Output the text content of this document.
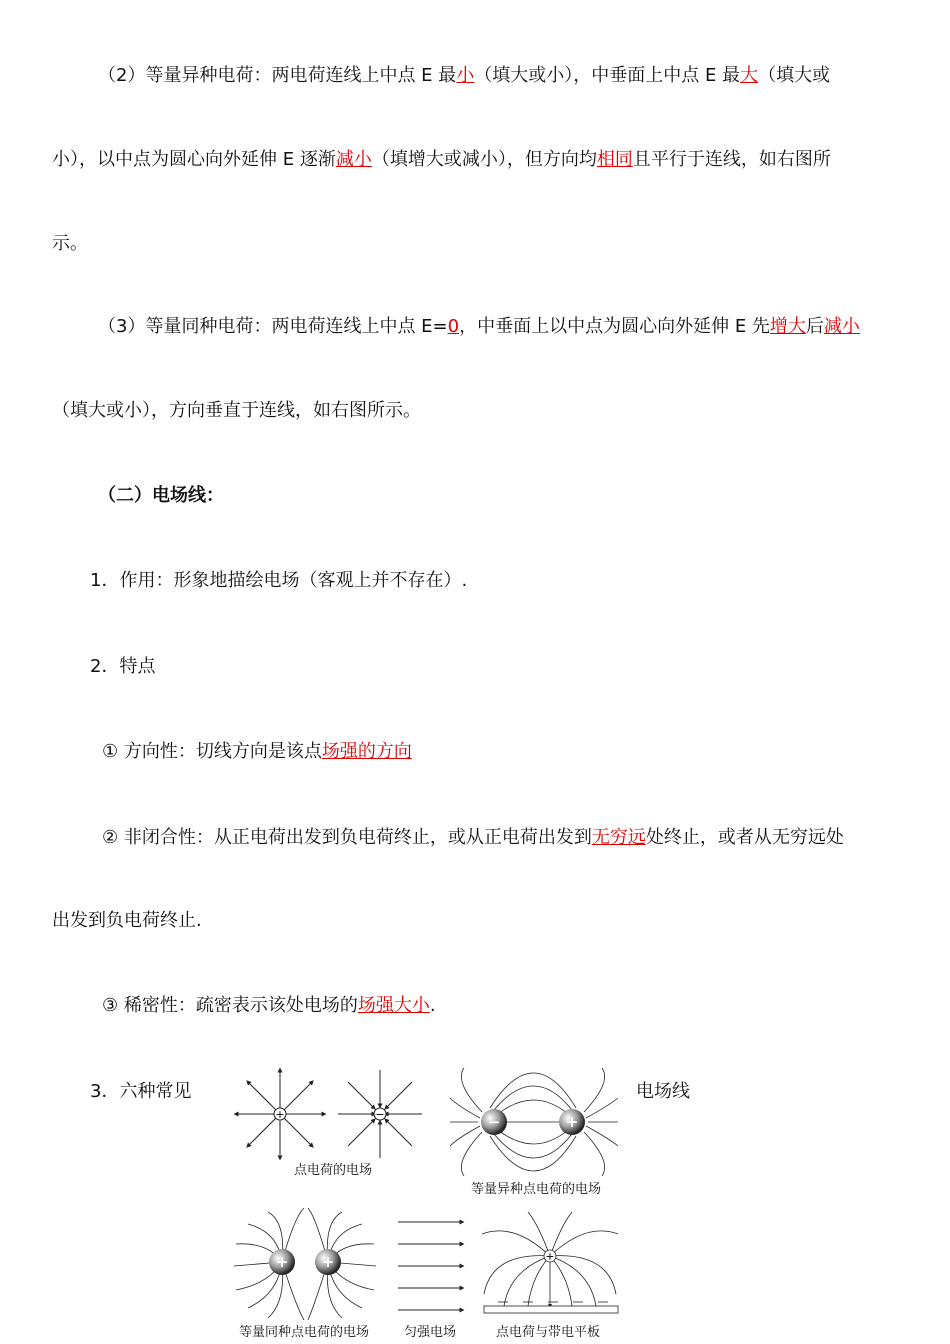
（2）等量异种电荷：两电荷连线上中点 E 最小（填大或小），中垂面上中点 E 最大（填大或
小），以中点为圆心向外延伸 E 逐渐减小（填增大或减小），但方向均相同且平行于连线，如右图所
示。
（3）等量同种电荷：两电荷连线上中点 E=0，中垂面上以中点为圆心向外延伸 E 先增大后减小
（填大或小），方向垂直于连线，如右图所示。
（二）电场线：
1．作用：形象地描绘电场（客观上并不存在）.
2．特点
① 方向性：切线方向是该点场强的方向
② 非闭合性：从正电荷出发到负电荷终止，或从正电荷出发到无穷远处终止，或者从无穷远处
出发到负电荷终止.
③ 稀密性：疏密表示该处电场的场强大小.
3．六种常见	电场线
+	−
点电荷的电场
−	+
等量异种点电荷的电场
+ +
等量同种点电荷的电场	匀强电场
+
点电荷与带电平板
